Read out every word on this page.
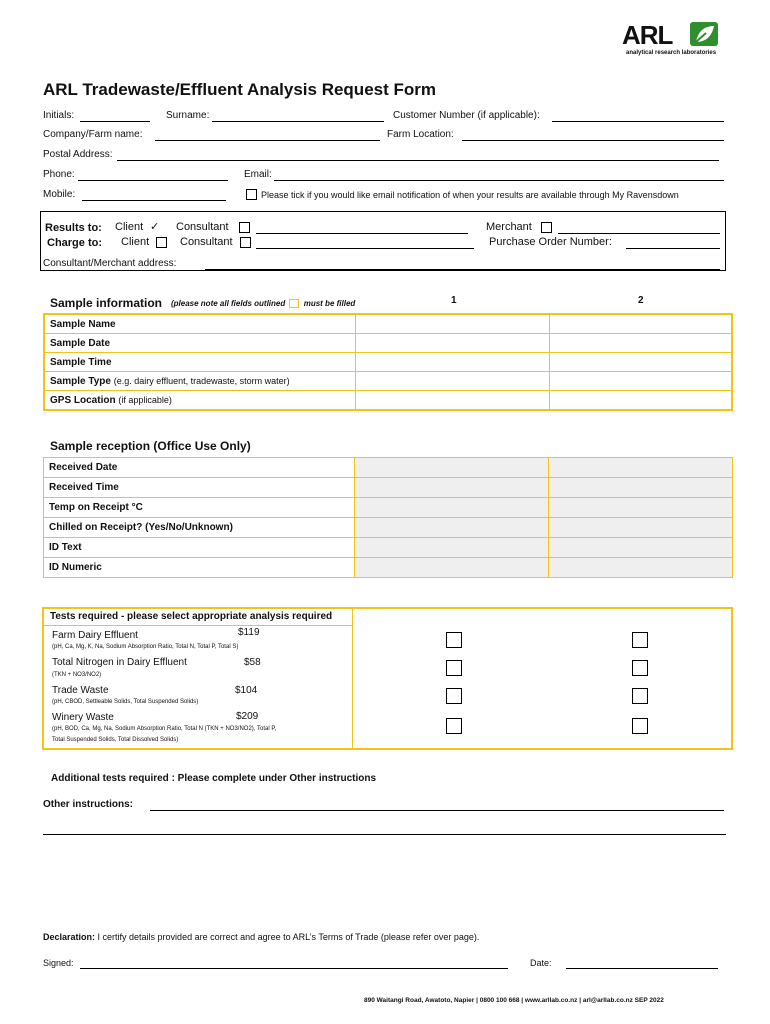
ARL
analytical research laboratories
ARL Tradewaste/Effluent Analysis Request Form
Initials:	Surname:	Customer Number (if applicable):
Company/Farm name:	Farm Location:
Postal Address:
Phone:	Email:
Mobile:	Please tick if you would like email notification of when your results are available through My Ravensdown
Results to: Client ✓ Consultant	Merchant
Charge to: Client	Consultant	Purchase Order Number:
Consultant/Merchant address:
Sample information (please note all fields outlined must be filled	1	2
Sample Name		
Sample Date		
Sample Time		
Sample Type (e.g. dairy effluent, tradewaste, storm water)		
GPS Location (if applicable)		
Sample reception (Office Use Only)
Received Date		
Received Time		
Temp on Receipt °C		
Chilled on Receipt? (Yes/No/Unknown)		
ID Text		
ID Numeric		
Tests required - please select appropriate analysis required
Farm Dairy Effluent	$119
(pH, Ca, Mg, K, Na, Sodium Absorption Ratio, Total N, Total P, Total S)
Total Nitrogen in Dairy Effluent	$58
(TKN + NO3/NO2)
Trade Waste	$104
(pH, CBOD, Settleable Solids, Total Suspended Solids)
Winery Waste	$209
(pH, BOD, Ca, Mg, Na, Sodium Absorption Ratio, Total N (TKN + NO3/NO2), Total P,
Total Suspended Solids, Total Dissolved Solids)
Additional tests required : Please complete under Other instructions
Other instructions:
Declaration: I certify details provided are correct and agree to ARL’s Terms of Trade (please refer over page).
Signed:	Date:
890 Waitangi Road, Awatoto, Napier | 0800 100 668 | www.arllab.co.nz | arl@arllab.co.nz SEP 2022
